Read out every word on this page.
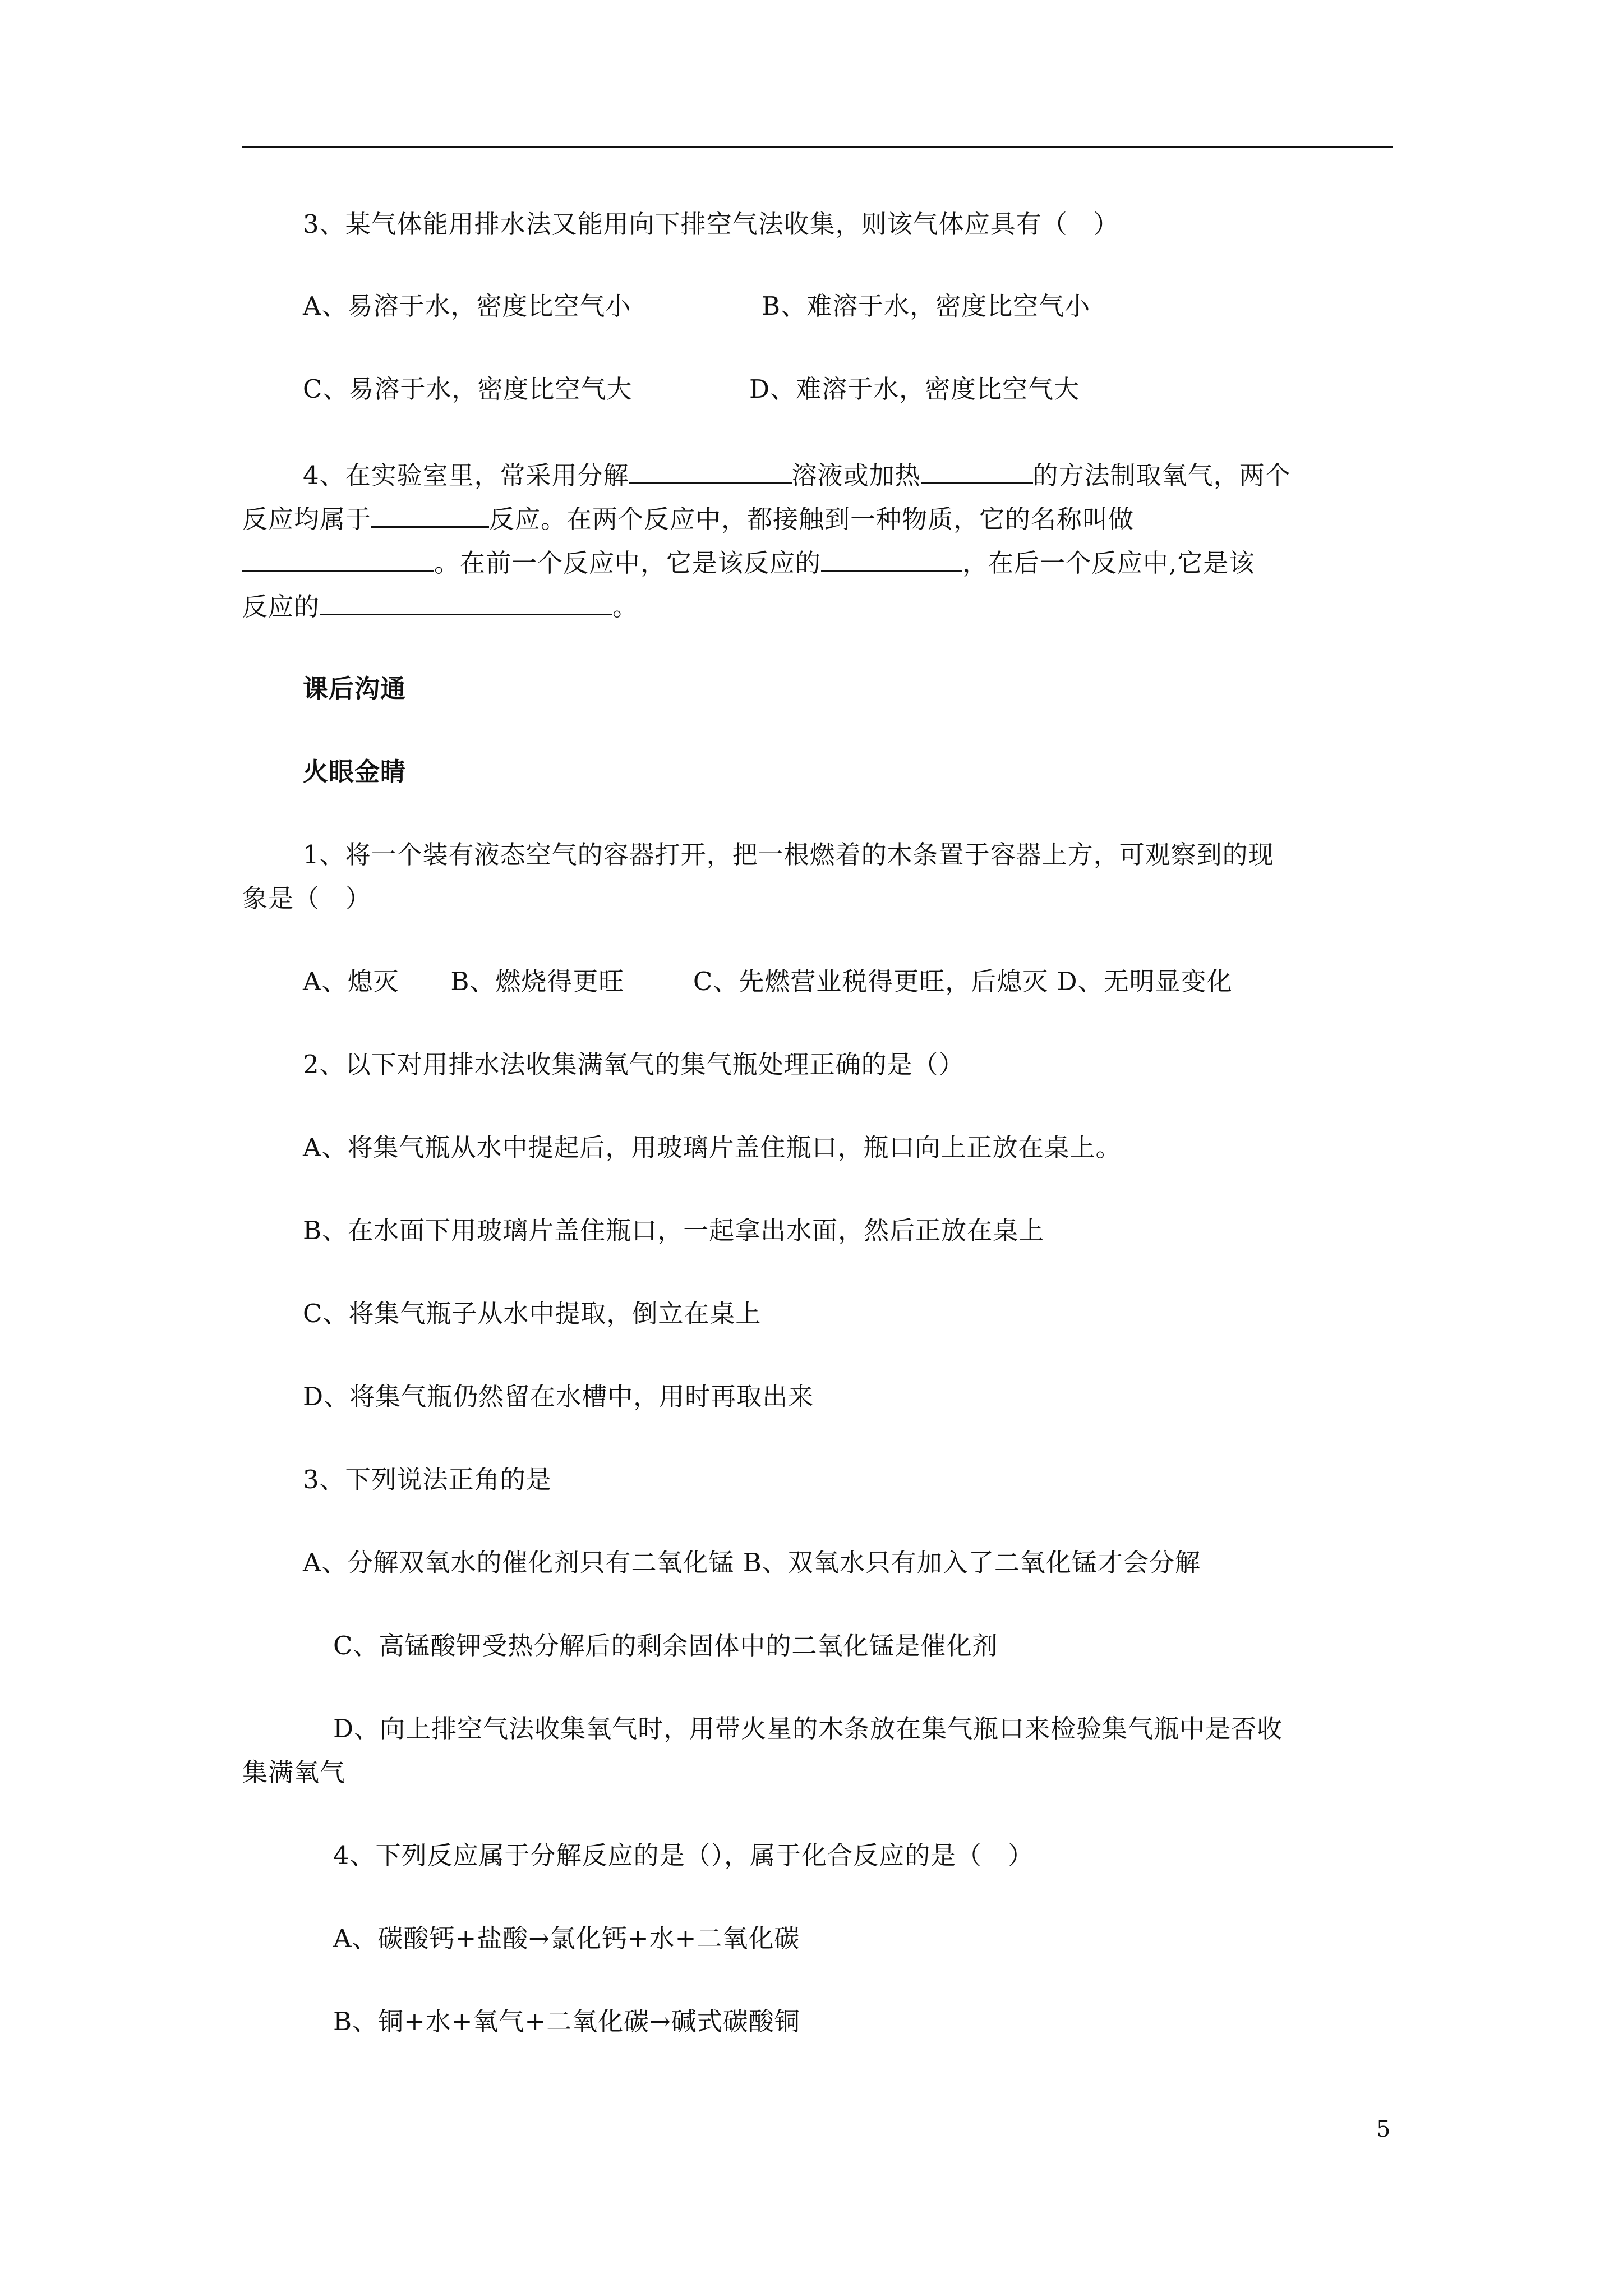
3、某气体能用排水法又能用向下排空气法收集，则该气体应具有（   ）
A、易溶于水，密度比空气小	B、难溶于水，密度比空气小
C、易溶于水，密度比空气大	D、难溶于水，密度比空气大
4、在实验室里，常采用分解	溶液或加热	的方法制取氧气，两个
反应均属于	反应。在两个反应中，都接触到一种物质，它的名称叫做
。在前一个反应中，它是该反应的	，在后一个反应中,它是该
反应的	。
课后沟通
火眼金睛
1、将一个装有液态空气的容器打开，把一根燃着的木条置于容器上方，可观察到的现
象是（   ）
A、熄灭      B、燃烧得更旺        C、先燃营业税得更旺，后熄灭 D、无明显变化
2、以下对用排水法收集满氧气的集气瓶处理正确的是（）
A、将集气瓶从水中提起后，用玻璃片盖住瓶口，瓶口向上正放在桌上。
B、在水面下用玻璃片盖住瓶口，一起拿出水面，然后正放在桌上
C、将集气瓶子从水中提取，倒立在桌上
D、将集气瓶仍然留在水槽中，用时再取出来
3、下列说法正角的是
A、分解双氧水的催化剂只有二氧化锰 B、双氧水只有加入了二氧化锰才会分解
C、高锰酸钾受热分解后的剩余固体中的二氧化锰是催化剂
D、向上排空气法收集氧气时，用带火星的木条放在集气瓶口来检验集气瓶中是否收
集满氧气
4、下列反应属于分解反应的是（），属于化合反应的是（   ）
A、碳酸钙+盐酸→氯化钙+水+二氧化碳
B、铜+水+氧气+二氧化碳→碱式碳酸铜
5
